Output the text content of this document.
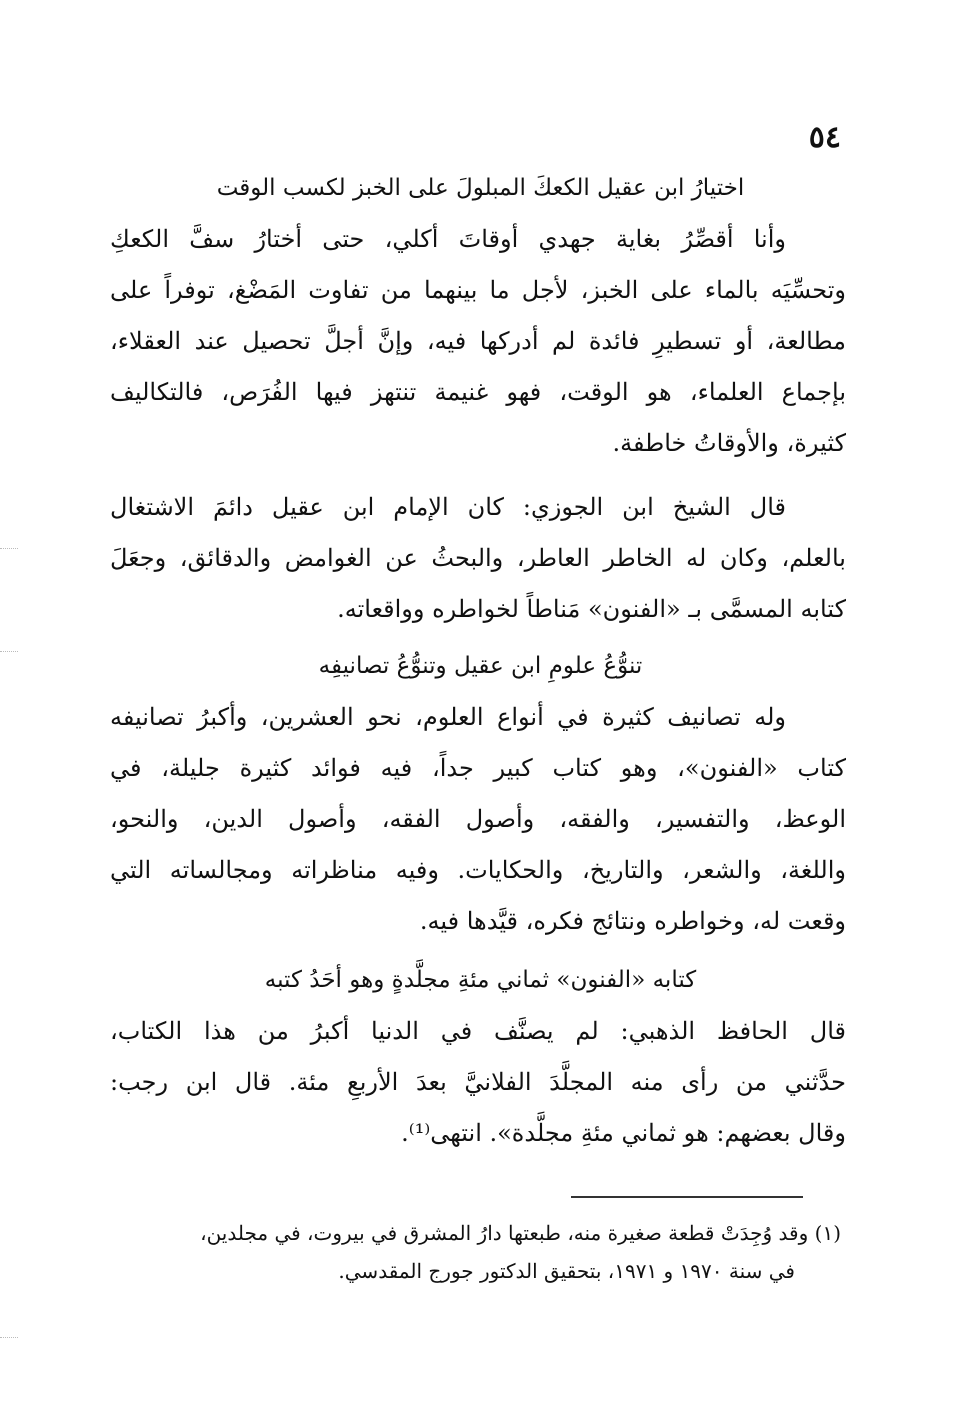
٥٤
اختيارُ ابن عقيل الكعكَ المبلولَ على الخبز لكسب الوقت
وأنا أقصِّرُ بغاية جهدي أوقاتَ أكلي، حتى أختارُ سفَّ الكعكِ
وتحسِّيَه بالماء على الخبز، لأجل ما بينهما من تفاوت المَضْغ، توفراً على
مطالعة، أو تسطيرِ فائدة لم أدركها فيه، وإنَّ أجلَّ تحصيل عند العقلاء،
بإجماع العلماء، هو الوقت، فهو غنيمة تنتهز فيها الفُرَص، فالتكاليف
كثيرة، والأوقاتُ خاطفة.
قال الشيخ ابن الجوزي: كان الإمام ابن عقيل دائمَ الاشتغال
بالعلم، وكان له الخاطر العاطر، والبحثُ عن الغوامض والدقائق، وجعَلَ
كتابه المسمَّى بـ «الفنون» مَناطاً لخواطره وواقعاته.
تنوُّعُ علومِ ابن عقيل وتنوُّعُ تصانيفِه
وله تصانيف كثيرة في أنواع العلوم، نحو العشرين، وأكبرُ تصانيفه
كتاب «الفنون»، وهو كتاب كبير جداً، فيه فوائد كثيرة جليلة، في
الوعظ، والتفسير، والفقه، وأصول الفقه، وأصول الدين، والنحو،
واللغة، والشعر، والتاريخ، والحكايات. وفيه مناظراته ومجالساته التي
وقعت له، وخواطره ونتائج فكره، قيَّدها فيه.
كتابه «الفنون» ثماني مئةِ مجلَّدةٍ وهو أحَدُ كتبه
قال الحافظ الذهبي: لم يصنَّف في الدنيا أكبرُ من هذا الكتاب،
حدَّثني من رأى منه المجلَّدَ الفلانيَّ بعدَ الأربعِ مئة. قال ابن رجب:
وقال بعضهم: هو ثماني مئةِ مجلَّدة». انتهى⁽¹⁾.
(١) وقد وُجِدَتْ قطعة صغيرة منه، طبعتها دارُ المشرق في بيروت، في مجلدين،
في سنة ١٩٧٠ و ١٩٧١، بتحقيق الدكتور جورج المقدسي.
